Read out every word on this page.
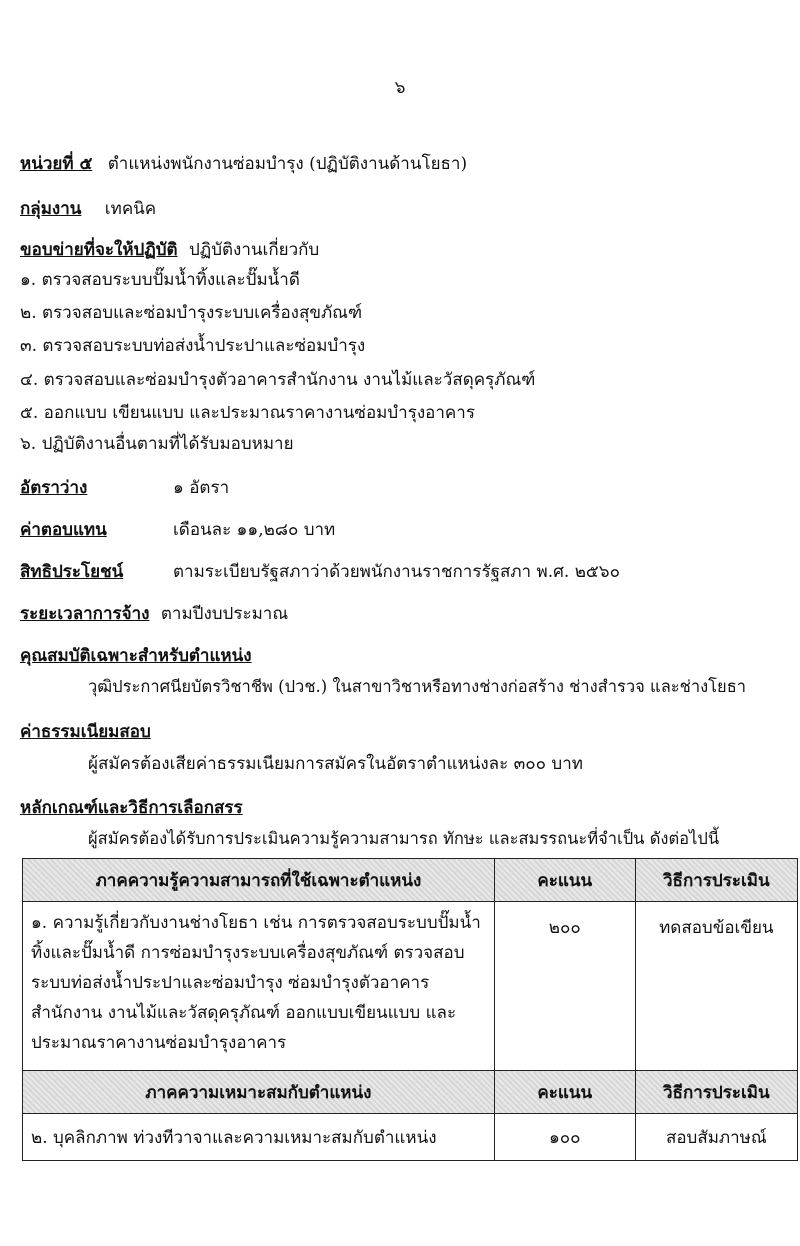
๖
หน่วยที่ ๕ ตำแหน่งพนักงานซ่อมบำรุง (ปฏิบัติงานด้านโยธา)
กลุ่มงาน เทคนิค
ขอบข่ายที่จะให้ปฏิบัติ ปฏิบัติงานเกี่ยวกับ
๑. ตรวจสอบระบบปั๊มน้ำทิ้งและปั๊มน้ำดี
๒. ตรวจสอบและซ่อมบำรุงระบบเครื่องสุขภัณฑ์
๓. ตรวจสอบระบบท่อส่งน้ำประปาและซ่อมบำรุง
๔. ตรวจสอบและซ่อมบำรุงตัวอาคารสำนักงาน งานไม้และวัสดุครุภัณฑ์
๕. ออกแบบ เขียนแบบ และประมาณราคางานซ่อมบำรุงอาคาร
๖. ปฏิบัติงานอื่นตามที่ได้รับมอบหมาย
อัตราว่าง	๑ อัตรา
ค่าตอบแทน	เดือนละ ๑๑,๒๘๐ บาท
สิทธิประโยชน์	ตามระเบียบรัฐสภาว่าด้วยพนักงานราชการรัฐสภา พ.ศ. ๒๕๖๐
ระยะเวลาการจ้าง ตามปีงบประมาณ
คุณสมบัติเฉพาะสำหรับตำแหน่ง
วุฒิประกาศนียบัตรวิชาชีพ (ปวช.) ในสาขาวิชาหรือทางช่างก่อสร้าง ช่างสำรวจ และช่างโยธา
ค่าธรรมเนียมสอบ
ผู้สมัครต้องเสียค่าธรรมเนียมการสมัครในอัตราตำแหน่งละ ๓๐๐ บาท
หลักเกณฑ์และวิธีการเลือกสรร
ผู้สมัครต้องได้รับการประเมินความรู้ความสามารถ ทักษะ และสมรรถนะที่จำเป็น ดังต่อไปนี้
ภาคความรู้ความสามารถที่ใช้เฉพาะตำแหน่ง	คะแนน	วิธีการประเมิน
๑. ความรู้เกี่ยวกับงานช่างโยธา เช่น การตรวจสอบระบบปั๊มน้ำทิ้งและปั๊มน้ำดี การซ่อมบำรุงระบบเครื่องสุขภัณฑ์ ตรวจสอบระบบท่อส่งน้ำประปาและซ่อมบำรุง ซ่อมบำรุงตัวอาคารสำนักงาน งานไม้และวัสดุครุภัณฑ์ ออกแบบเขียนแบบ และประมาณราคางานซ่อมบำรุงอาคาร	๒๐๐	ทดสอบข้อเขียน
ภาคความเหมาะสมกับตำแหน่ง	คะแนน	วิธีการประเมิน
๒. บุคลิกภาพ ท่วงทีวาจาและความเหมาะสมกับตำแหน่ง	๑๐๐	สอบสัมภาษณ์
